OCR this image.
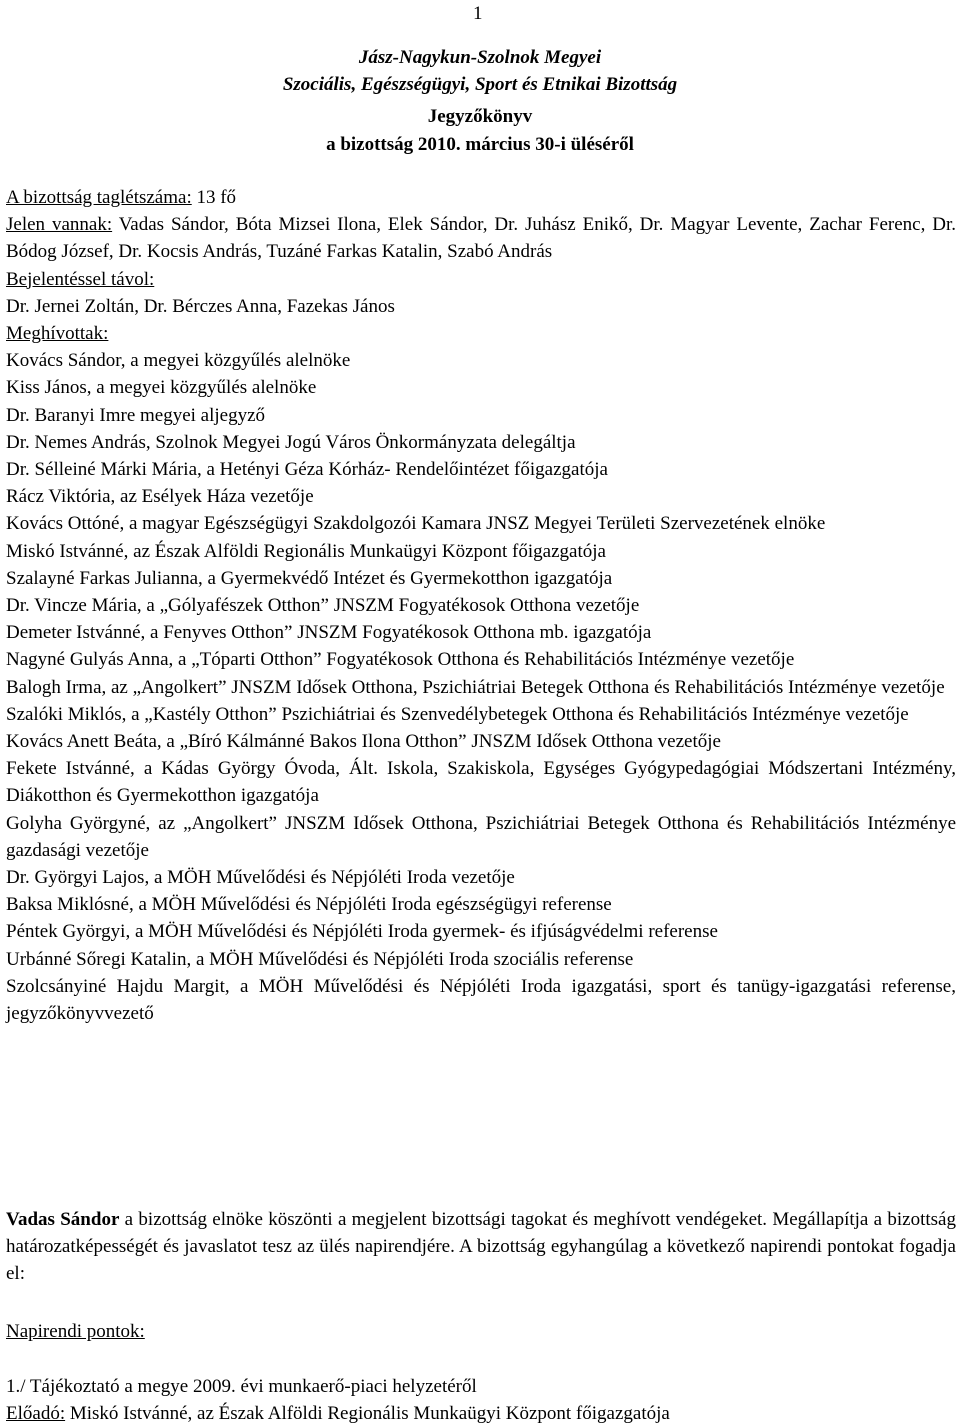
1
Jász-Nagykun-Szolnok Megyei
Szociális, Egészségügyi, Sport és Etnikai Bizottság
Jegyzőkönyv
a bizottság 2010. március 30-i üléséről
A bizottság taglétszáma: 13 fő
Jelen vannak: Vadas Sándor, Bóta Mizsei Ilona, Elek Sándor, Dr. Juhász Enikő, Dr. Magyar Levente, Zachar Ferenc, Dr. Bódog József, Dr. Kocsis András, Tuzáné Farkas Katalin, Szabó András
Bejelentéssel távol:
Dr. Jernei Zoltán, Dr. Bérczes Anna, Fazekas János
Meghívottak:
Kovács Sándor, a megyei közgyűlés alelnöke
Kiss János, a megyei közgyűlés alelnöke
Dr. Baranyi Imre megyei aljegyző
Dr. Nemes András, Szolnok Megyei Jogú Város Önkormányzata delegáltja
Dr. Sélleiné Márki Mária, a Hetényi Géza Kórház- Rendelőintézet főigazgatója
Rácz Viktória, az Esélyek Háza vezetője
Kovács Ottóné, a magyar Egészségügyi Szakdolgozói Kamara JNSZ Megyei Területi Szervezetének elnöke
Miskó Istvánné, az Észak Alföldi Regionális Munkaügyi Központ főigazgatója
Szalayné Farkas Julianna, a Gyermekvédő Intézet és Gyermekotthon igazgatója
Dr. Vincze Mária, a „Gólyafészek Otthon” JNSZM Fogyatékosok Otthona vezetője
Demeter Istvánné, a Fenyves Otthon” JNSZM Fogyatékosok Otthona mb. igazgatója
Nagyné Gulyás Anna, a „Tóparti Otthon” Fogyatékosok Otthona és Rehabilitációs Intézménye vezetője
Balogh Irma, az „Angolkert” JNSZM Idősek Otthona, Pszichiátriai Betegek Otthona és Rehabilitációs Intézménye vezetője
Szalóki Miklós, a „Kastély Otthon” Pszichiátriai és Szenvedélybetegek Otthona és Rehabilitációs Intézménye vezetője
Kovács Anett Beáta, a „Bíró Kálmánné Bakos Ilona Otthon” JNSZM Idősek Otthona vezetője
Fekete Istvánné, a Kádas György Óvoda, Ált. Iskola, Szakiskola, Egységes Gyógypedagógiai Módszertani Intézmény, Diákotthon és Gyermekotthon igazgatója
Golyha Györgyné, az „Angolkert” JNSZM Idősek Otthona, Pszichiátriai Betegek Otthona és Rehabilitációs Intézménye gazdasági vezetője
Dr. Györgyi Lajos, a MÖH Művelődési és Népjóléti Iroda vezetője
Baksa Miklósné, a MÖH Művelődési és Népjóléti Iroda egészségügyi referense
Péntek Györgyi, a MÖH Művelődési és Népjóléti Iroda gyermek- és ifjúságvédelmi referense
Urbánné Sőregi Katalin, a MÖH Művelődési és Népjóléti Iroda szociális referense
Szolcsányiné Hajdu Margit, a MÖH Művelődési és Népjóléti Iroda igazgatási, sport és tanügy-igazgatási referense, jegyzőkönyvvezető
Vadas Sándor a bizottság elnöke köszönti a megjelent bizottsági tagokat és meghívott vendégeket. Megállapítja a bizottság határozatképességét és javaslatot tesz az ülés napirendjére. A bizottság egyhangúlag a következő napirendi pontokat fogadja el:
Napirendi pontok:
1./ Tájékoztató a megye 2009. évi munkaerő-piaci helyzetéről
Előadó: Miskó Istvánné, az Észak Alföldi Regionális Munkaügyi Központ főigazgatója
